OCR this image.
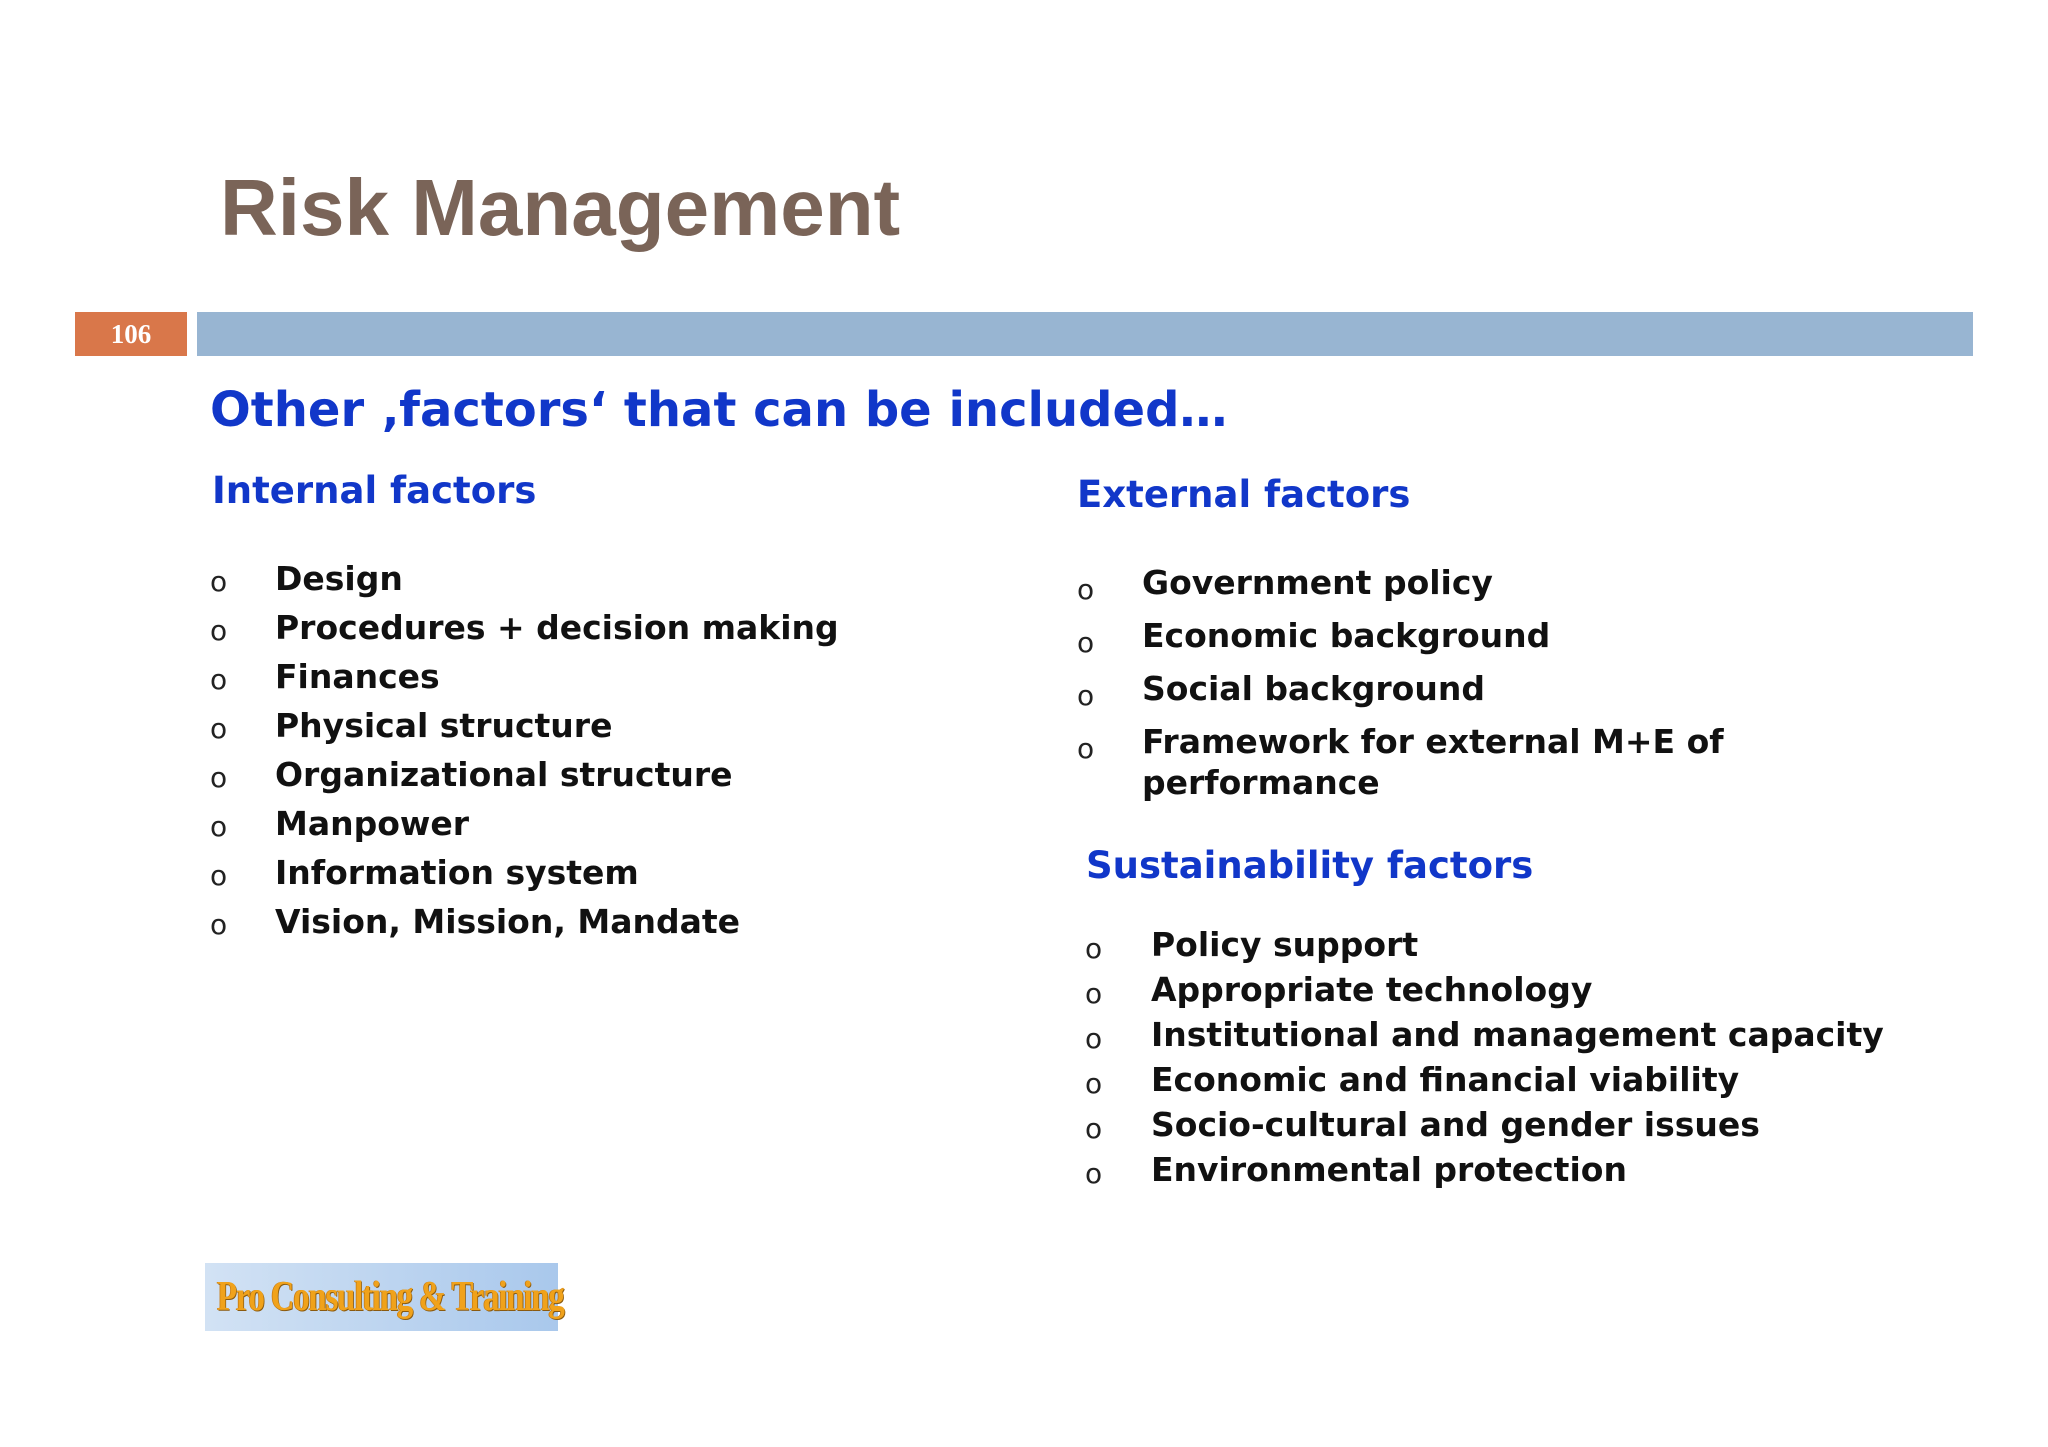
Risk Management
106
Other ‚factors‘ that can be included…
Internal factors
o	Design
o	Procedures + decision making
o	Finances
o	Physical structure
o	Organizational structure
o	Manpower
o	Information system
o	Vision, Mission, Mandate
External factors
o	Government policy
o	Economic background
o	Social background
o	Framework for external M+E of performance
Sustainability factors
o	Policy support
o	Appropriate technology
o	Institutional and management capacity
o	Economic and financial viability
o	Socio-cultural and gender issues
o	Environmental protection
Pro Consulting & Training
